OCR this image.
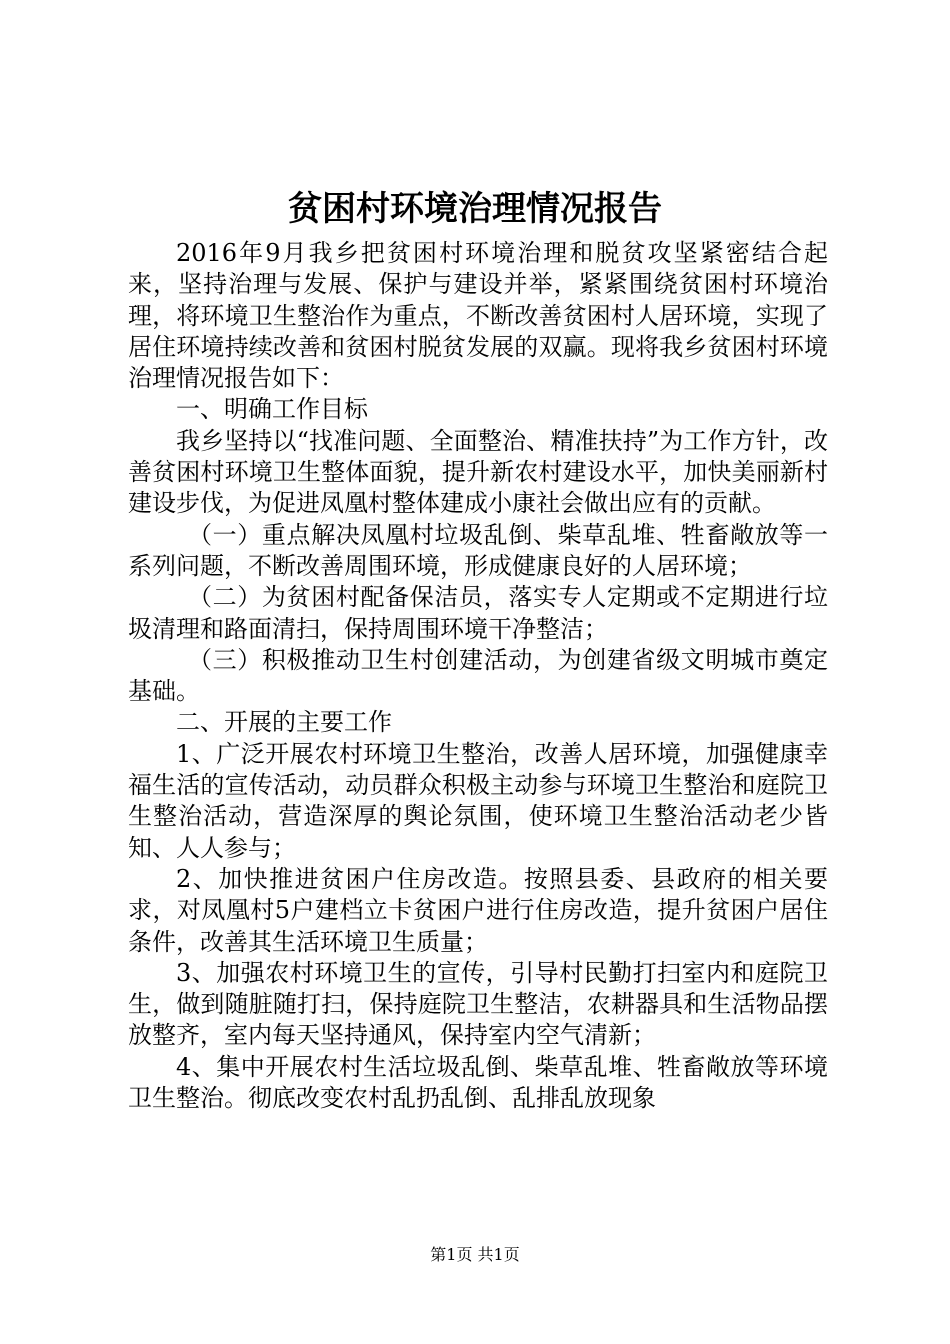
贫困村环境治理情况报告

2016年9月我乡把贫困村环境治理和脱贫攻坚紧密结合起来，坚持治理与发展、保护与建设并举，紧紧围绕贫困村环境治理，将环境卫生整治作为重点，不断改善贫困村人居环境，实现了居住环境持续改善和贫困村脱贫发展的双赢。现将我乡贫困村环境治理情况报告如下：

一、明确工作目标

我乡坚持以“找准问题、全面整治、精准扶持”为工作方针，改善贫困村环境卫生整体面貌，提升新农村建设水平，加快美丽新村建设步伐，为促进凤凰村整体建成小康社会做出应有的贡献。

（一）重点解决凤凰村垃圾乱倒、柴草乱堆、牲畜敞放等一系列问题，不断改善周围环境，形成健康良好的人居环境；

（二）为贫困村配备保洁员，落实专人定期或不定期进行垃圾清理和路面清扫，保持周围环境干净整洁；

（三）积极推动卫生村创建活动，为创建省级文明城市奠定基础。

二、开展的主要工作

1、广泛开展农村环境卫生整治，改善人居环境，加强健康幸福生活的宣传活动，动员群众积极主动参与环境卫生整治和庭院卫生整治活动，营造深厚的舆论氛围，使环境卫生整治活动老少皆知、人人参与；

2、加快推进贫困户住房改造。按照县委、县政府的相关要求，对凤凰村5户建档立卡贫困户进行住房改造，提升贫困户居住条件，改善其生活环境卫生质量；

3、加强农村环境卫生的宣传，引导村民勤打扫室内和庭院卫生，做到随脏随打扫，保持庭院卫生整洁，农耕器具和生活物品摆放整齐，室内每天坚持通风，保持室内空气清新；

4、集中开展农村生活垃圾乱倒、柴草乱堆、牲畜敞放等环境卫生整治。彻底改变农村乱扔乱倒、乱排乱放现象

第1页 共1页
